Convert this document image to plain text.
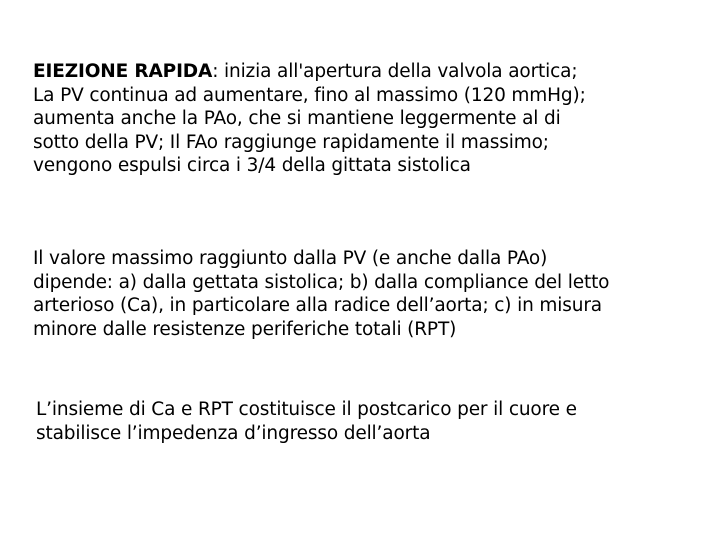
EIEZIONE RAPIDA: inizia all'apertura della valvola aortica;
La PV continua ad aumentare, fino al massimo (120 mmHg);
aumenta anche la PAo, che si mantiene leggermente al di
sotto della PV; Il FAo raggiunge rapidamente il massimo;
vengono espulsi circa i 3/4 della gittata sistolica

Il valore massimo raggiunto dalla PV (e anche dalla PAo)
dipende: a) dalla gettata sistolica; b) dalla compliance del letto
arterioso (Ca), in particolare alla radice dell’aorta; c) in misura
minore dalle resistenze periferiche totali (RPT)

L’insieme di Ca e RPT costituisce il postcarico per il cuore e
stabilisce l’impedenza d’ingresso dell’aorta
